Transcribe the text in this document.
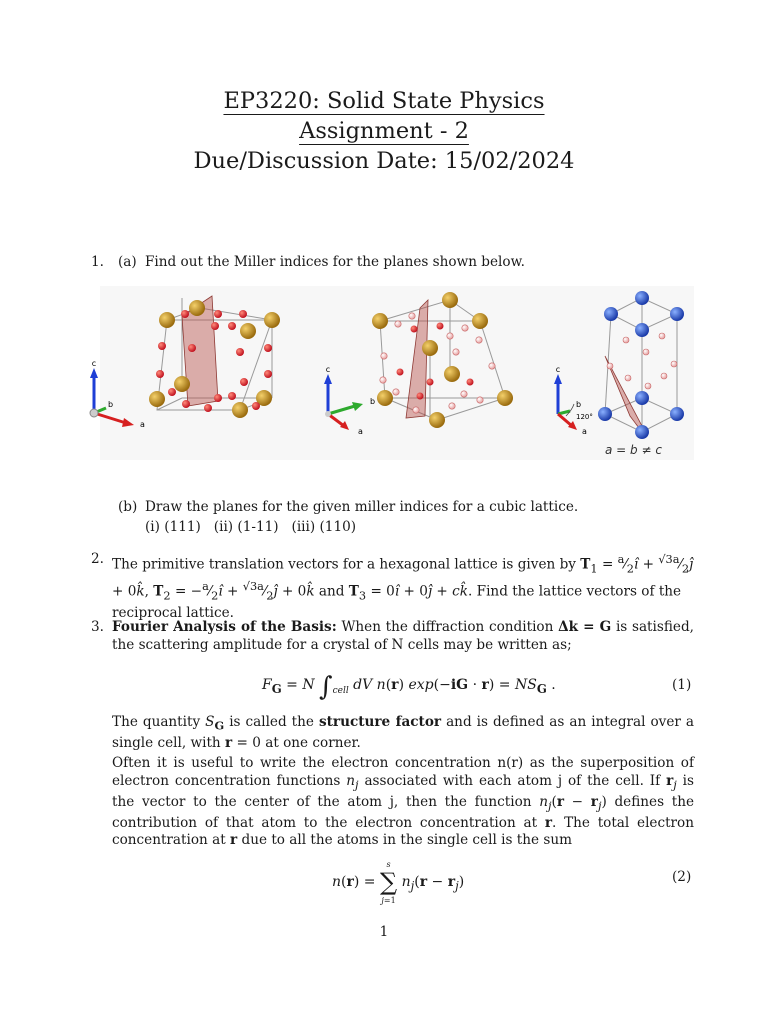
EP3220: Solid State Physics
Assignment - 2
Due/Discussion Date: 15/02/2024
1. (a) Find out the Miller indices for the planes shown below.
c
b
a
c
b
a
c
b
120°
a
a = b ≠ c
(b) Draw the planes for the given miller indices for a cubic lattice.
(i) (111)   (ii) (1-11)   (iii) (110)
2. The primitive translation vectors for a hexagonal lattice is given by $T_1$ = $^a⁄_2î$ + $^{√3a}⁄_2ĵ$ + 0k̂, $T_2$ = $-^a⁄_2î$ + $^{√3a}⁄_2ĵ$ + 0k̂ and $T_3$ = 0î + 0ĵ + ck̂. Find the lattice vectors of the reciprocal lattice.
3. Fourier Analysis of the Basis: When the diffraction condition Δk = G is satisfied, the scattering amplitude for a crystal of N cells may be written as;
$F_G = N$ $\int_{cell}$ dV n(r) $\exp(-iG \cdot r) = NS_G$ .	(1)
The quantity $S_G$ is called the structure factor and is defined as an integral over a single cell, with r = 0 at one corner.
Often it is useful to write the electron concentration n(r) as the superposition of electron concentration functions $n_j$ associated with each atom j of the cell. If $r_j$ is the vector to the center of the atom j, then the function $n_j(r - r_j)$ defines the contribution of that atom to the electron concentration at r. The total electron concentration at r due to all the atoms in the single cell is the sum
n(r) = s
∑
j=1 $n_j(r - r_j)$	(2)
1
